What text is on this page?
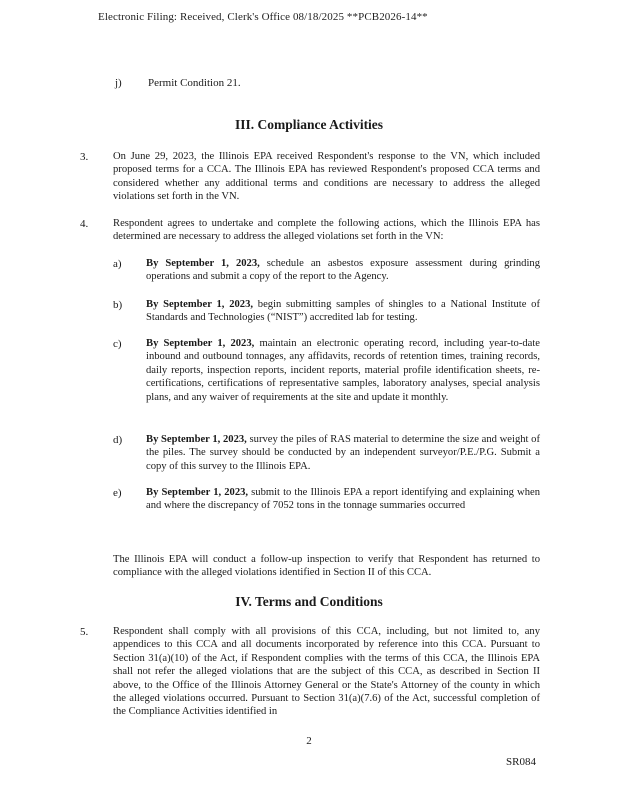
Electronic Filing: Received, Clerk's Office 08/18/2025 **PCB2026-14**
j) Permit Condition 21.
III. Compliance Activities
3. On June 29, 2023, the Illinois EPA received Respondent's response to the VN, which included proposed terms for a CCA. The Illinois EPA has reviewed Respondent's proposed CCA terms and considered whether any additional terms and conditions are necessary to address the alleged violations set forth in the VN.
4. Respondent agrees to undertake and complete the following actions, which the Illinois EPA has determined are necessary to address the alleged violations set forth in the VN:
a) By September 1, 2023, schedule an asbestos exposure assessment during grinding operations and submit a copy of the report to the Agency.
b) By September 1, 2023, begin submitting samples of shingles to a National Institute of Standards and Technologies (“NIST”) accredited lab for testing.
c) By September 1, 2023, maintain an electronic operating record, including year-to-date inbound and outbound tonnages, any affidavits, records of retention times, training records, daily reports, inspection reports, incident reports, material profile identification sheets, re-certifications, certifications of representative samples, laboratory analyses, special analysis plans, and any waiver of requirements at the site and update it monthly.
d) By September 1, 2023, survey the piles of RAS material to determine the size and weight of the piles. The survey should be conducted by an independent surveyor/P.E./P.G. Submit a copy of this survey to the Illinois EPA.
e) By September 1, 2023, submit to the Illinois EPA a report identifying and explaining when and where the discrepancy of 7052 tons in the tonnage summaries occurred
The Illinois EPA will conduct a follow-up inspection to verify that Respondent has returned to compliance with the alleged violations identified in Section II of this CCA.
IV. Terms and Conditions
5. Respondent shall comply with all provisions of this CCA, including, but not limited to, any appendices to this CCA and all documents incorporated by reference into this CCA. Pursuant to Section 31(a)(10) of the Act, if Respondent complies with the terms of this CCA, the Illinois EPA shall not refer the alleged violations that are the subject of this CCA, as described in Section II above, to the Office of the Illinois Attorney General or the State's Attorney of the county in which the alleged violations occurred. Pursuant to Section 31(a)(7.6) of the Act, successful completion of the Compliance Activities identified in
2
SR084
